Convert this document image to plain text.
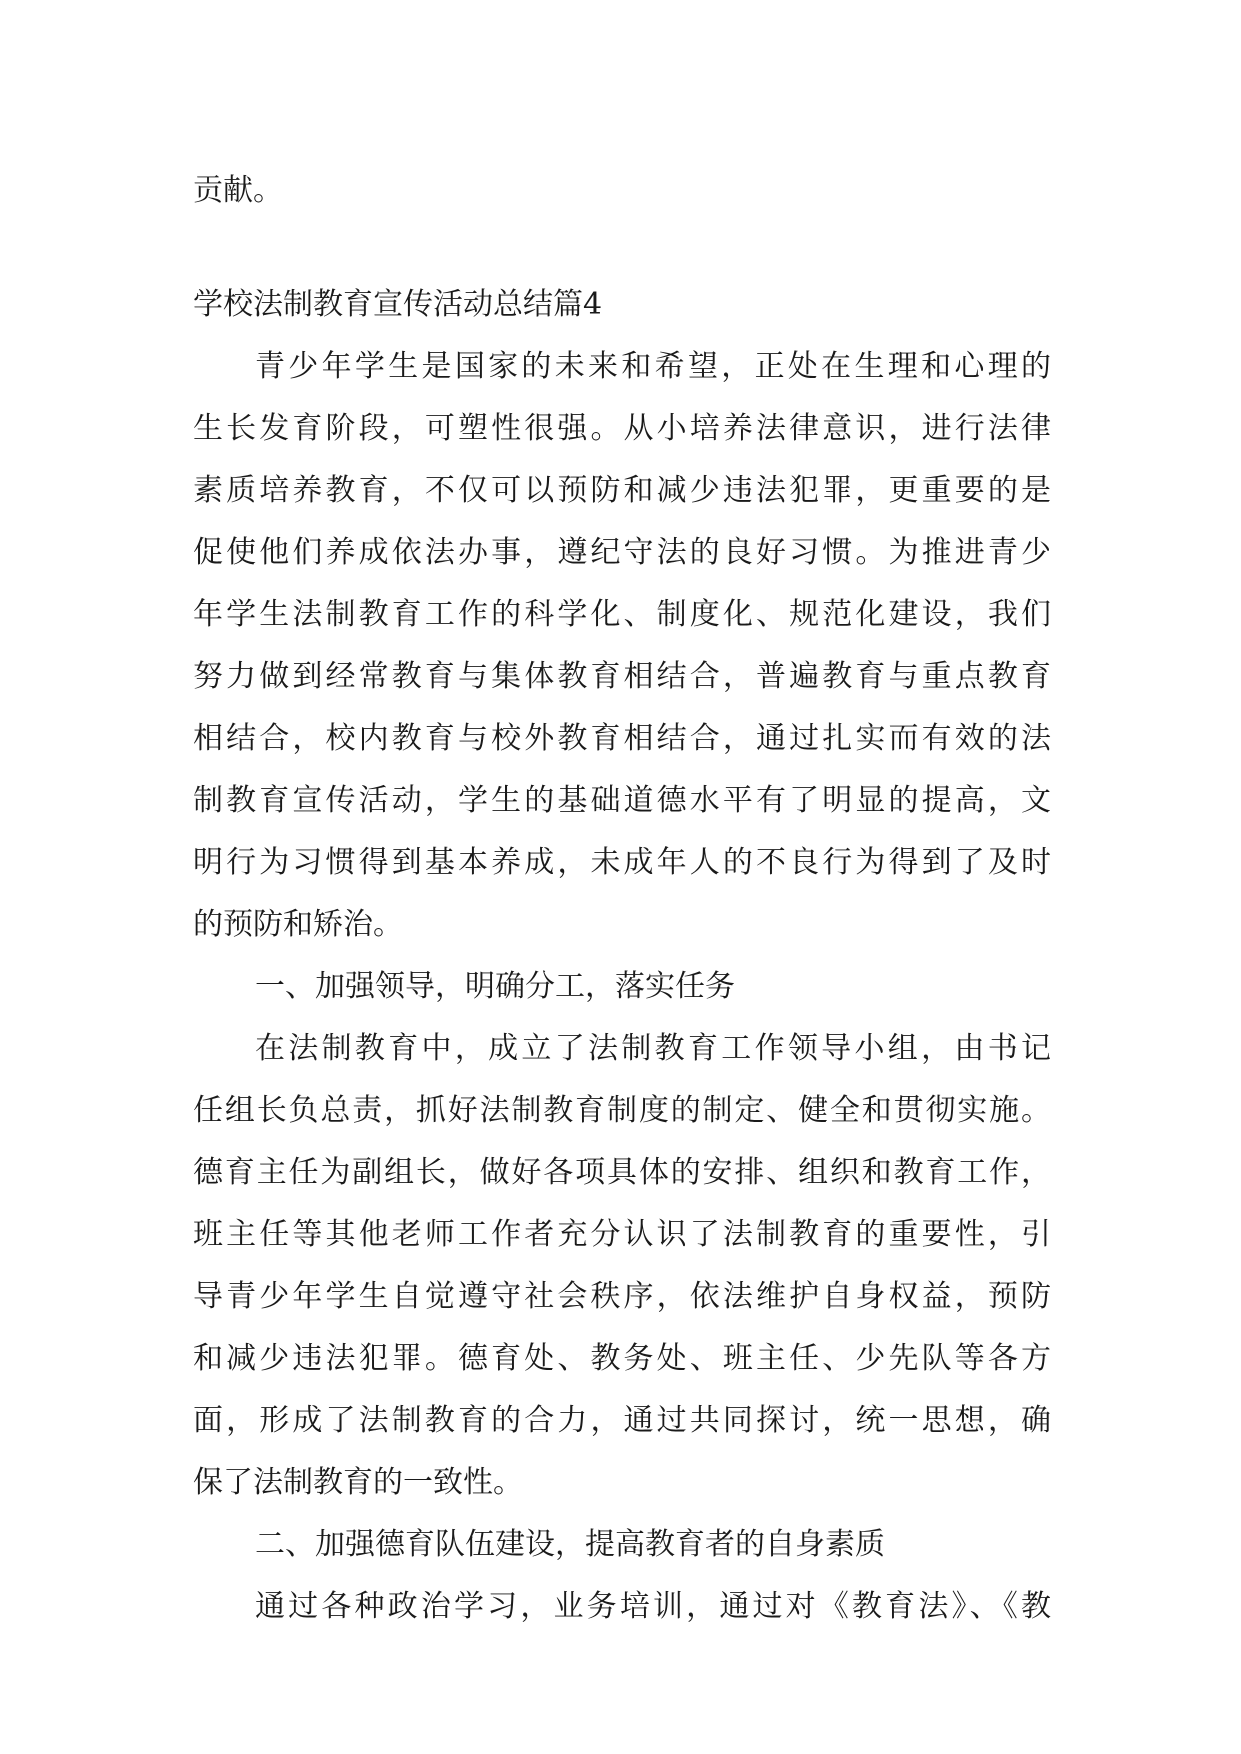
贡献。
学校法制教育宣传活动总结篇4
青少年学生是国家的未来和希望，正处在生理和心理的
生长发育阶段，可塑性很强。从小培养法律意识，进行法律
素质培养教育，不仅可以预防和减少违法犯罪，更重要的是
促使他们养成依法办事，遵纪守法的良好习惯。为推进青少
年学生法制教育工作的科学化、制度化、规范化建设，我们
努力做到经常教育与集体教育相结合，普遍教育与重点教育
相结合，校内教育与校外教育相结合，通过扎实而有效的法
制教育宣传活动，学生的基础道德水平有了明显的提高，文
明行为习惯得到基本养成，未成年人的不良行为得到了及时
的预防和矫治。
一、加强领导，明确分工，落实任务
在法制教育中，成立了法制教育工作领导小组，由书记
任组长负总责，抓好法制教育制度的制定、健全和贯彻实施。
德育主任为副组长，做好各项具体的安排、组织和教育工作，
班主任等其他老师工作者充分认识了法制教育的重要性，引
导青少年学生自觉遵守社会秩序，依法维护自身权益，预防
和减少违法犯罪。德育处、教务处、班主任、少先队等各方
面，形成了法制教育的合力，通过共同探讨，统一思想，确
保了法制教育的一致性。
二、加强德育队伍建设，提高教育者的自身素质
通过各种政治学习，业务培训，通过对《教育法》、《教
